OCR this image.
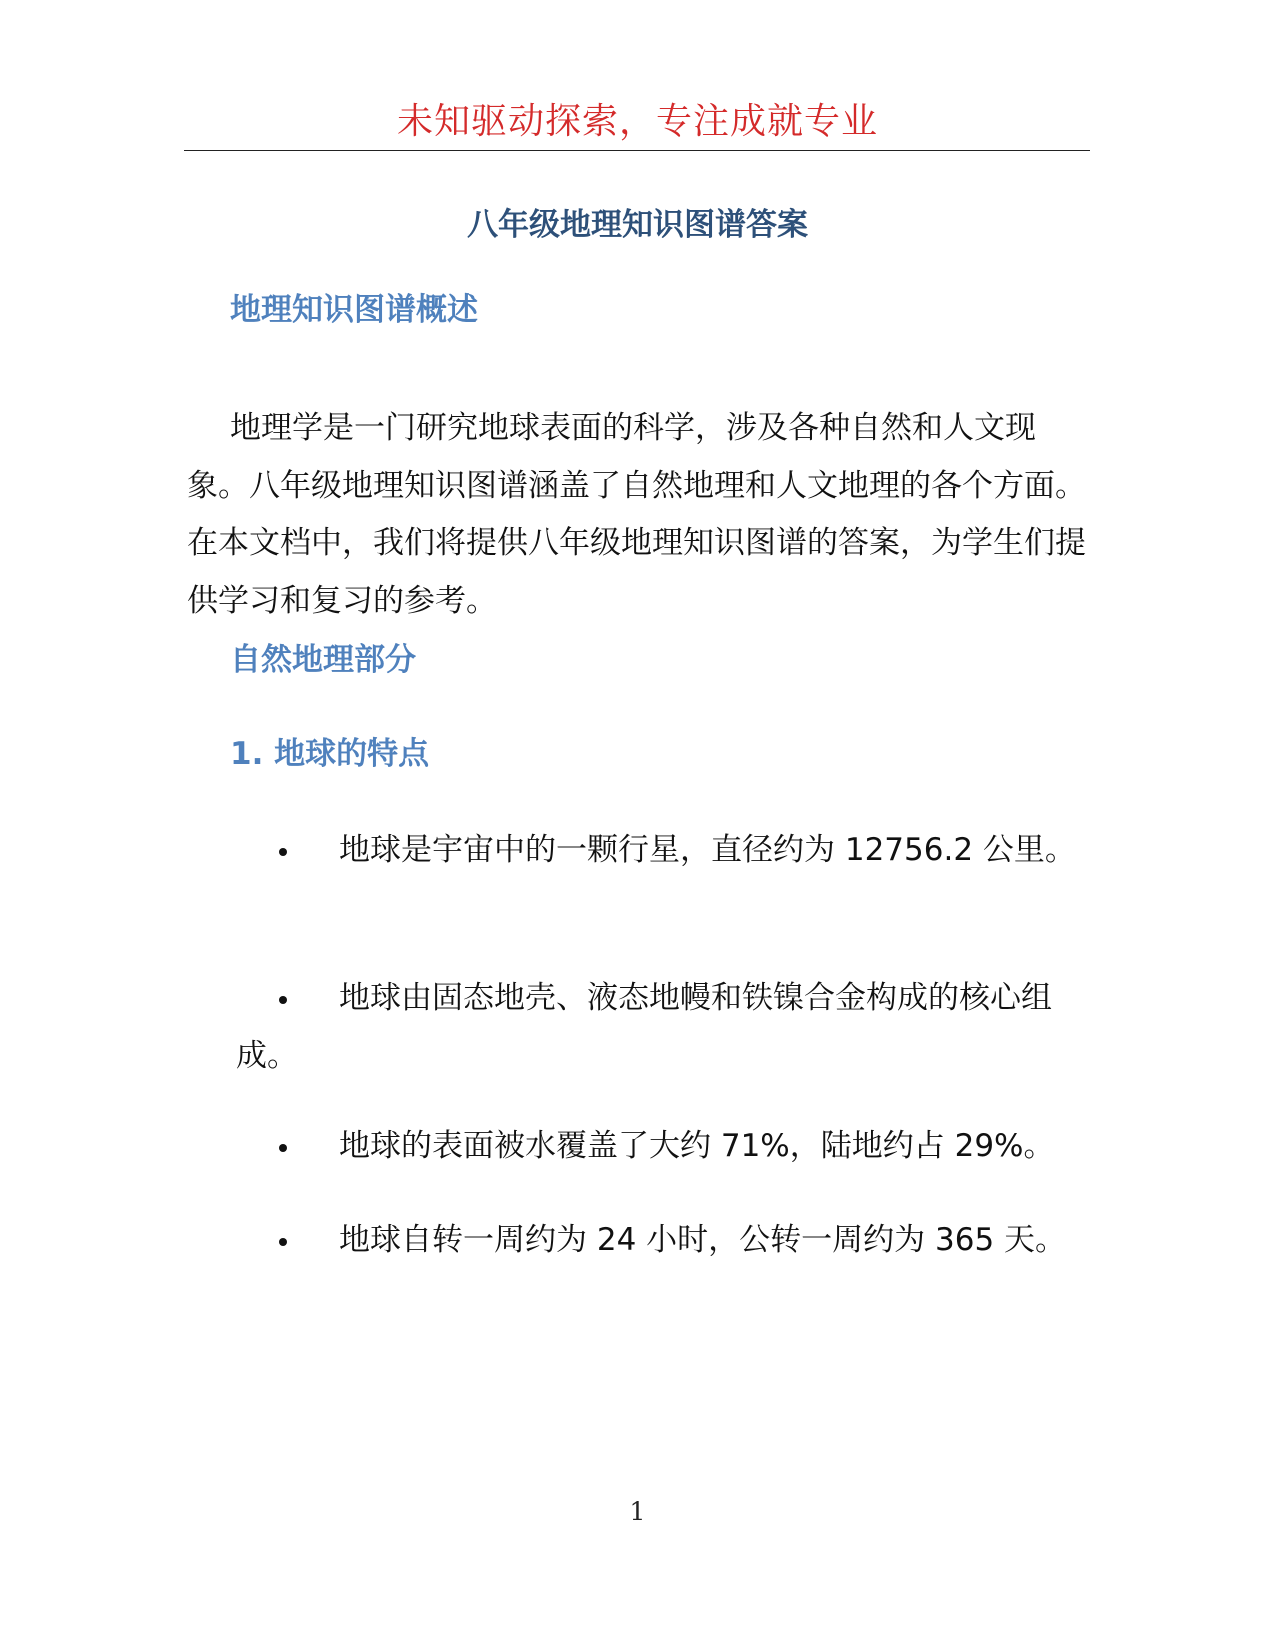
未知驱动探索，专注成就专业
八年级地理知识图谱答案
地理知识图谱概述

地理学是一门研究地球表面的科学，涉及各种自然和人文现象。八年级地理知识图谱涵盖了自然地理和人文地理的各个方面。在本文档中，我们将提供八年级地理知识图谱的答案，为学生们提供学习和复习的参考。

自然地理部分
1. 地球的特点
地球是宇宙中的一颗行星，直径约为 12756.2 公里。
地球由固态地壳、液态地幔和铁镍合金构成的核心组成。
地球的表面被水覆盖了大约 71%，陆地约占 29%。
地球自转一周约为 24 小时，公转一周约为 365 天。
1
